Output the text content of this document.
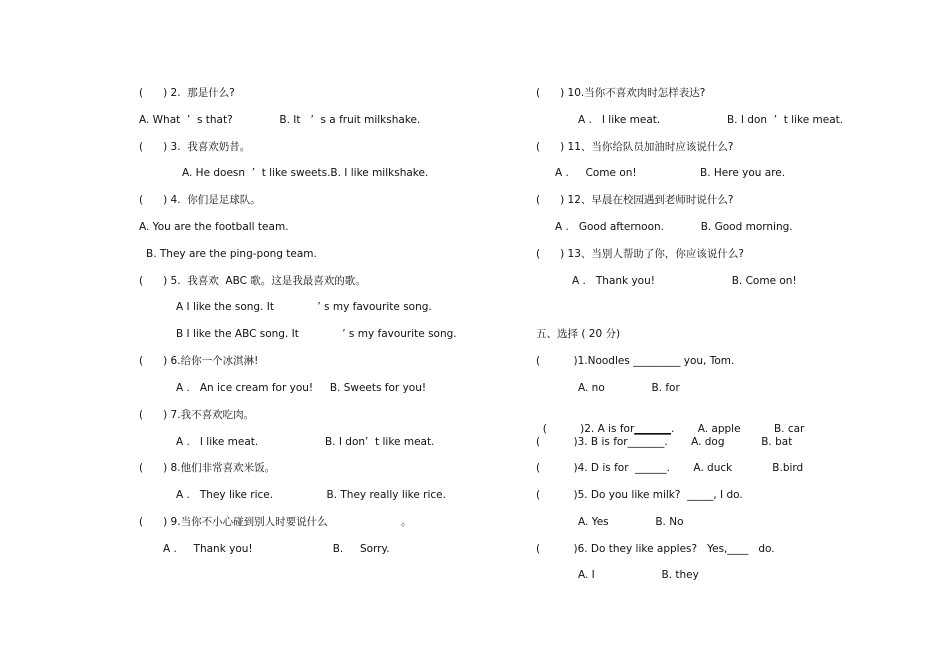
(      ) 2.  那是什么?
A. What  ’  s that?              B. It   ’  s a fruit milkshake.
(      ) 3.  我喜欢奶昔。
A. He doesn  ’  t like sweets.B. I like milkshake.
(      ) 4.  你们是足球队。
A. You are the football team.
B. They are the ping-pong team.
(      ) 5.  我喜欢  ABC 歌。这是我最喜欢的歌。
A I like the song. It             ’ s my favourite song.
B I like the ABC song. It             ’ s my favourite song.
(      ) 6.给你一个冰淇淋!
A .   An ice cream for you!     B. Sweets for you!
(      ) 7.我不喜欢吃肉。
A .   I like meat.                    B. I don’  t like meat.
(      ) 8.他们非常喜欢米饭。
A .   They like rice.                B. They really like rice.
(      ) 9.当你不小心碰到别人时要说什么                      。
A .     Thank you!                        B.     Sorry.
(      ) 10.当你不喜欢肉时怎样表达?
A .   I like meat.                    B. I don  ’  t like meat.
(      ) 11、当你给队员加油时应该说什么?
A .     Come on!                   B. Here you are.
(      ) 12、早晨在校园遇到老师时说什么?
A .   Good afternoon.           B. Good morning.
(      ) 13、当别人帮助了你，你应该说什么?
A .   Thank you!                       B. Come on!
五、选择 ( 20 分)
(          )1.Noodles _________ you, Tom.
A. no              B. for

(          )2. A is for_______.       A. apple          B. car

(          )3. B is for_______.       A. dog           B. bat
(          )4. D is for  ______.       A. duck            B.bird
(          )5. Do you like milk?  _____, I do.
A. Yes              B. No
(          )6. Do they like apples?   Yes,____   do.
A. I                    B. they
